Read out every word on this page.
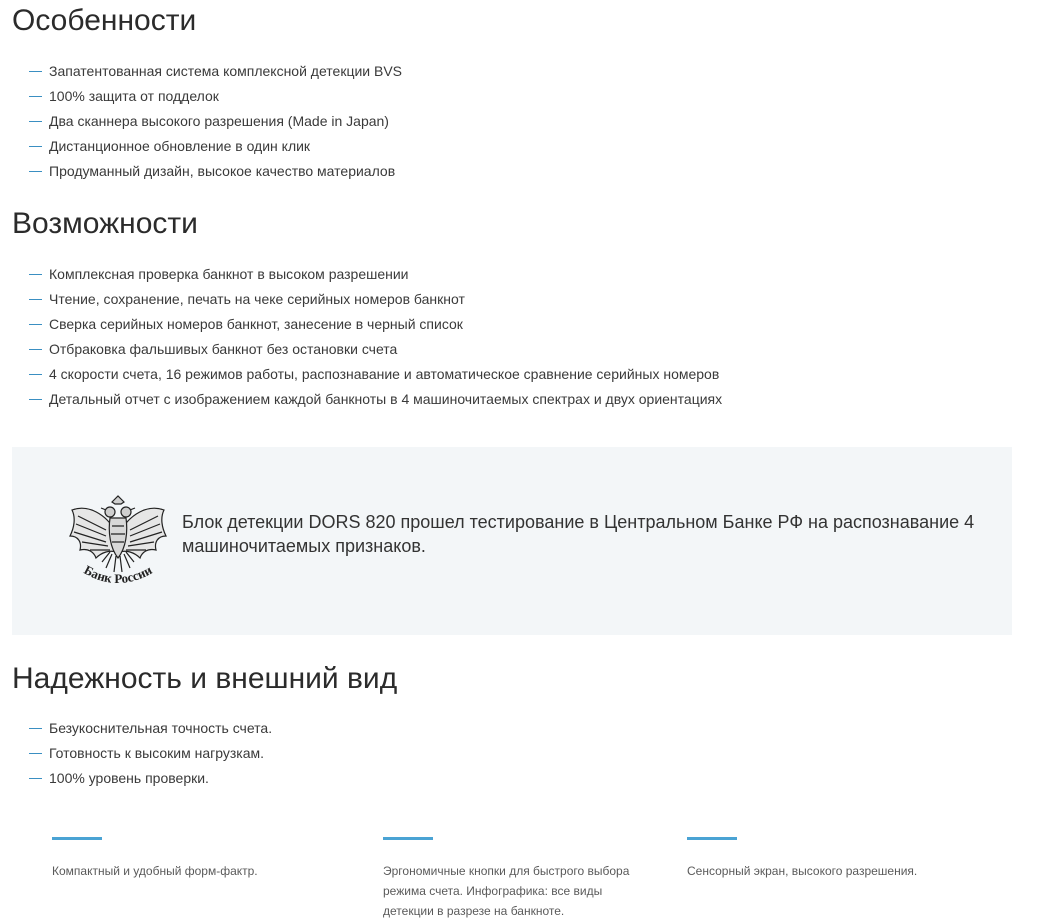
Особенности
Запатентованная система комплексной детекции BVS
100% защита от подделок
Два сканнера высокого разрешения (Made in Japan)
Дистанционное обновление в один клик
Продуманный дизайн, высокое качество материалов
Возможности
Комплексная проверка банкнот в высоком разрешении
Чтение, сохранение, печать на чеке серийных номеров банкнот
Сверка серийных номеров банкнот, занесение в черный список
Отбраковка фальшивых банкнот без остановки счета
4 скорости счета, 16 режимов работы, распознавание и автоматическое сравнение серийных номеров
Детальный отчет с изображением каждой банкноты в 4 машиночитаемых спектрах и двух ориентациях
Банк России
Блок детекции DORS 820 прошел тестирование в Центральном Банке РФ на распознавание 4 машиночитаемых признаков.
Надежность и внешний вид
Безукоснительная точность счета.
Готовность к высоким нагрузкам.
100% уровень проверки.
Компактный и удобный форм-фактр.	Эргономичные кнопки для быстрого выбора режима счета. Инфографика: все виды детекции в разрезе на банкноте.
Сенсорный экран, высокого разрешения.
